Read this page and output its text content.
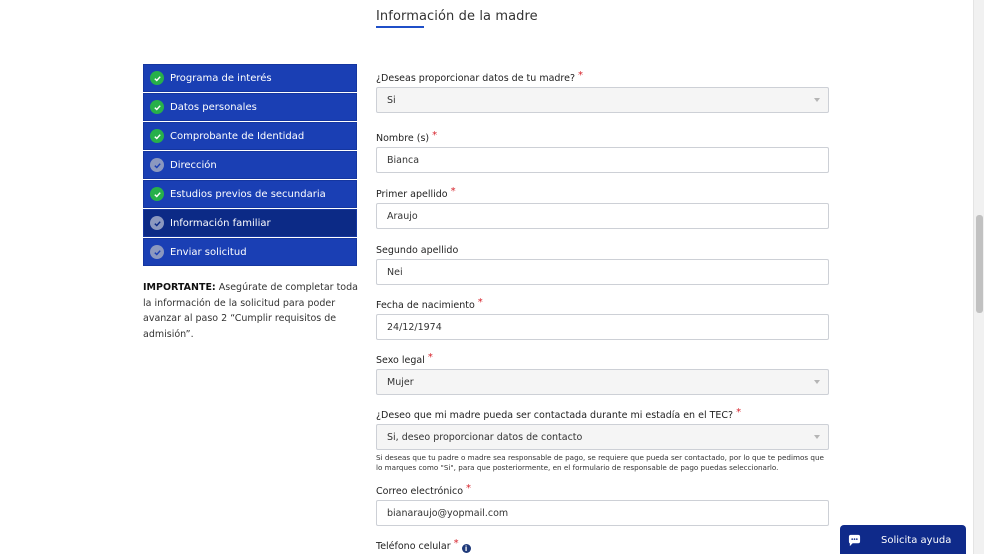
Información de la madre
Programa de interés
Datos personales
Comprobante de Identidad
Dirección
Estudios previos de secundaria
Información familiar
Enviar solicitud
IMPORTANTE: Asegúrate de completar toda la información de la solicitud para poder avanzar al paso 2 “Cumplir requisitos de admisión”.
¿Deseas proporcionar datos de tu madre? *
Si
Nombre (s) *
Bianca
Primer apellido *
Araujo
Segundo apellido
Nei
Fecha de nacimiento *
24/12/1974
Sexo legal *
Mujer
¿Deseo que mi madre pueda ser contactada durante mi estadía en el TEC? *
Si, deseo proporcionar datos de contacto
Si deseas que tu padre o madre sea responsable de pago, se requiere que pueda ser contactado, por lo que te pedimos que lo marques como "Si", para que posteriormente, en el formulario de responsable de pago puedas seleccionarlo.
Correo electrónico *
bianaraujo@yopmail.com
Teléfono celular * i
Solicita ayuda
